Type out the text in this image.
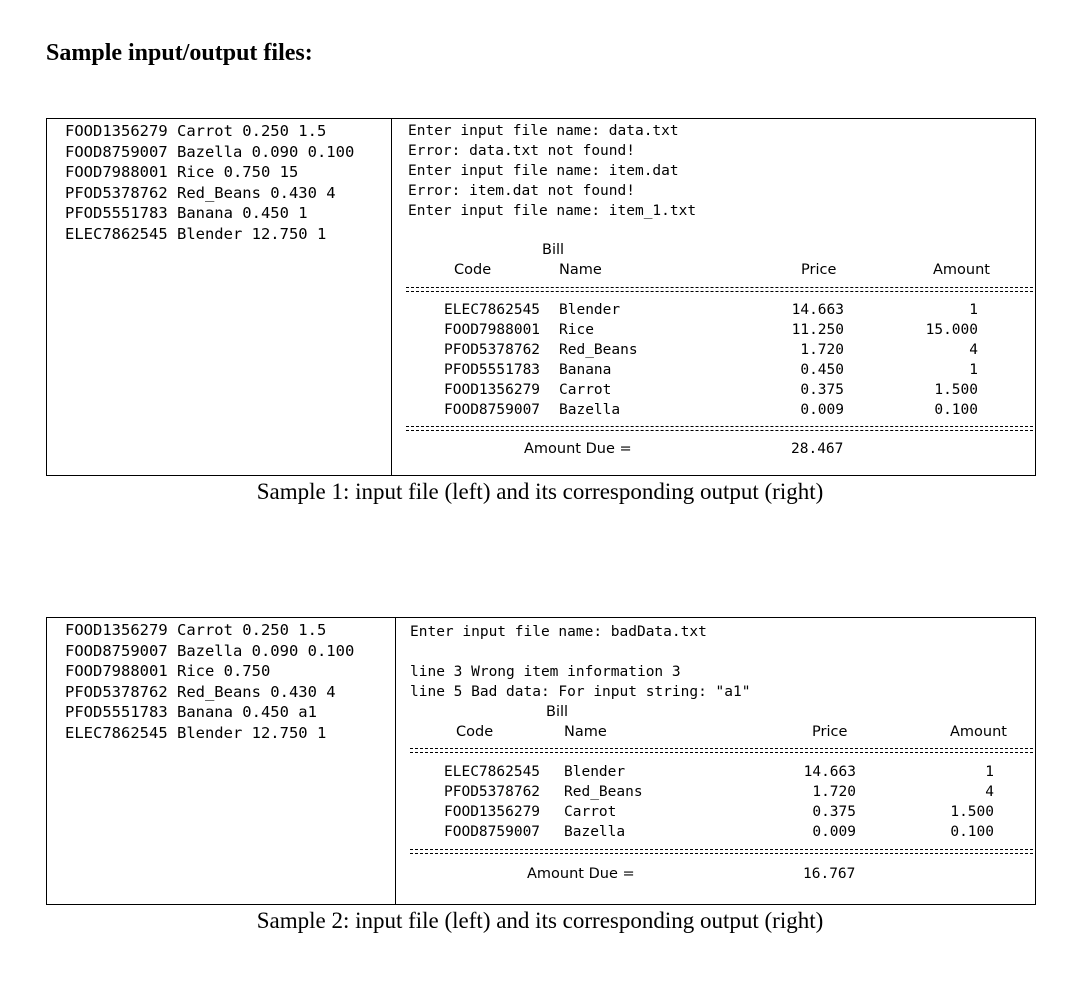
Sample input/output files:
FOOD1356279 Carrot 0.250 1.5
FOOD8759007 Bazella 0.090 0.100
FOOD7988001 Rice 0.750 15
PFOD5378762 Red_Beans 0.430 4
PFOD5551783 Banana 0.450 1
ELEC7862545 Blender 12.750 1
Enter input file name: data.txt
Error: data.txt not found!
Enter input file name: item.dat
Error: item.dat not found!
Enter input file name: item_1.txt
Bill
Code	Name	Price	Amount
ELEC7862545 Blender	14.663	1
FOOD7988001 Rice	11.250	15.000
PFOD5378762 Red_Beans	1.720	4
PFOD5551783 Banana	0.450	1
FOOD1356279 Carrot	0.375	1.500
FOOD8759007 Bazella	0.009	0.100
Amount Due =	28.467
Sample 1: input file (left) and its corresponding output (right)
FOOD1356279 Carrot 0.250 1.5
FOOD8759007 Bazella 0.090 0.100
FOOD7988001 Rice 0.750
PFOD5378762 Red_Beans 0.430 4
PFOD5551783 Banana 0.450 a1
ELEC7862545 Blender 12.750 1
Enter input file name: badData.txt
line 3 Wrong item information 3
line 5 Bad data: For input string: "a1"
Bill
Code	Name	Price	Amount
ELEC7862545 Blender	14.663	1
PFOD5378762 Red_Beans	1.720	4
FOOD1356279 Carrot	0.375	1.500
FOOD8759007 Bazella	0.009	0.100
Amount Due =	16.767
Sample 2: input file (left) and its corresponding output (right)
